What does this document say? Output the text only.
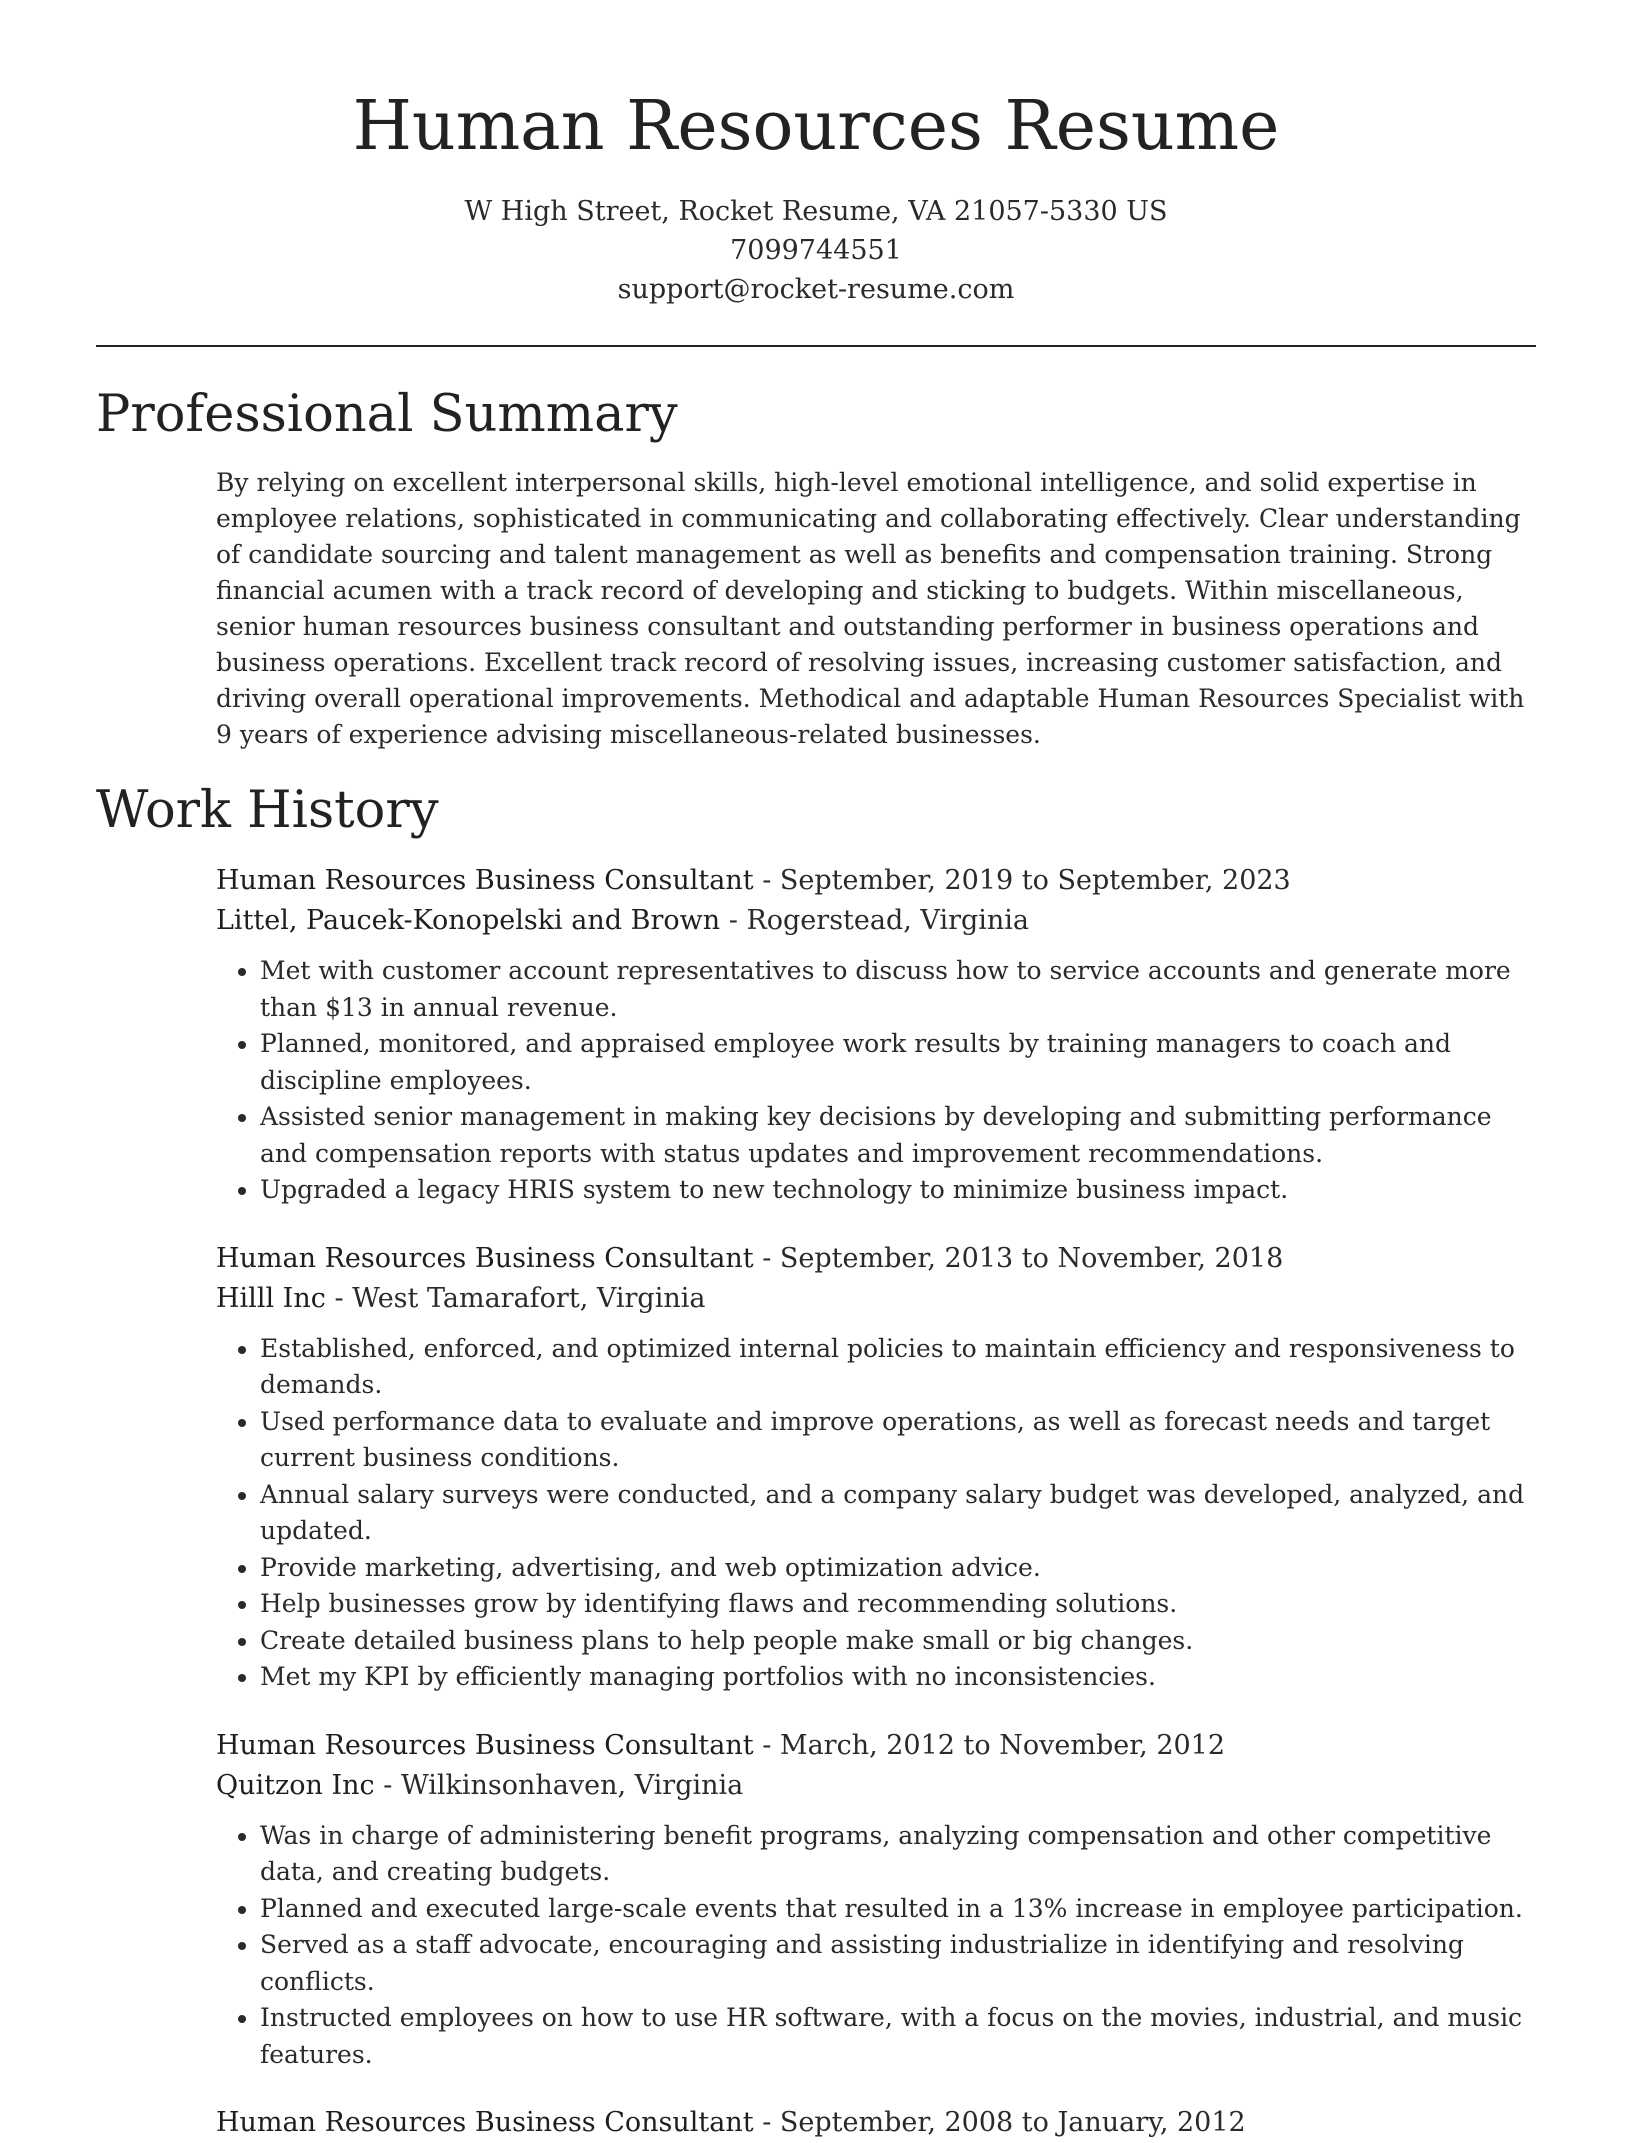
Human Resources Resume
W High Street, Rocket Resume, VA 21057-5330 US
7099744551
support@rocket-resume.com
Professional Summary

By relying on excellent interpersonal skills, high-level emotional intelligence, and solid expertise in employee relations, sophisticated in communicating and collaborating effectively. Clear understanding of candidate sourcing and talent management as well as benefits and compensation training. Strong financial acumen with a track record of developing and sticking to budgets. Within miscellaneous, senior human resources business consultant and outstanding performer in business operations and business operations. Excellent track record of resolving issues, increasing customer satisfaction, and driving overall operational improvements. Methodical and adaptable Human Resources Specialist with 9 years of experience advising miscellaneous-related businesses.

Work History
Human Resources Business Consultant - September, 2019 to September, 2023
Littel, Paucek-Konopelski and Brown - Rogerstead, Virginia
• Met with customer account representatives to discuss how to service accounts and generate more than $13 in annual revenue.
• Planned, monitored, and appraised employee work results by training managers to coach and discipline employees.
• Assisted senior management in making key decisions by developing and submitting performance and compensation reports with status updates and improvement recommendations.
• Upgraded a legacy HRIS system to new technology to minimize business impact.
Human Resources Business Consultant - September, 2013 to November, 2018
Hilll Inc - West Tamarafort, Virginia
• Established, enforced, and optimized internal policies to maintain efficiency and responsiveness to demands.
• Used performance data to evaluate and improve operations, as well as forecast needs and target current business conditions.
• Annual salary surveys were conducted, and a company salary budget was developed, analyzed, and updated.
• Provide marketing, advertising, and web optimization advice.
• Help businesses grow by identifying flaws and recommending solutions.
• Create detailed business plans to help people make small or big changes.
• Met my KPI by efficiently managing portfolios with no inconsistencies.
Human Resources Business Consultant - March, 2012 to November, 2012
Quitzon Inc - Wilkinsonhaven, Virginia
• Was in charge of administering benefit programs, analyzing compensation and other competitive data, and creating budgets.
• Planned and executed large-scale events that resulted in a 13% increase in employee participation.
• Served as a staff advocate, encouraging and assisting industrialize in identifying and resolving conflicts.
• Instructed employees on how to use HR software, with a focus on the movies, industrial, and music features.
Human Resources Business Consultant - September, 2008 to January, 2012
